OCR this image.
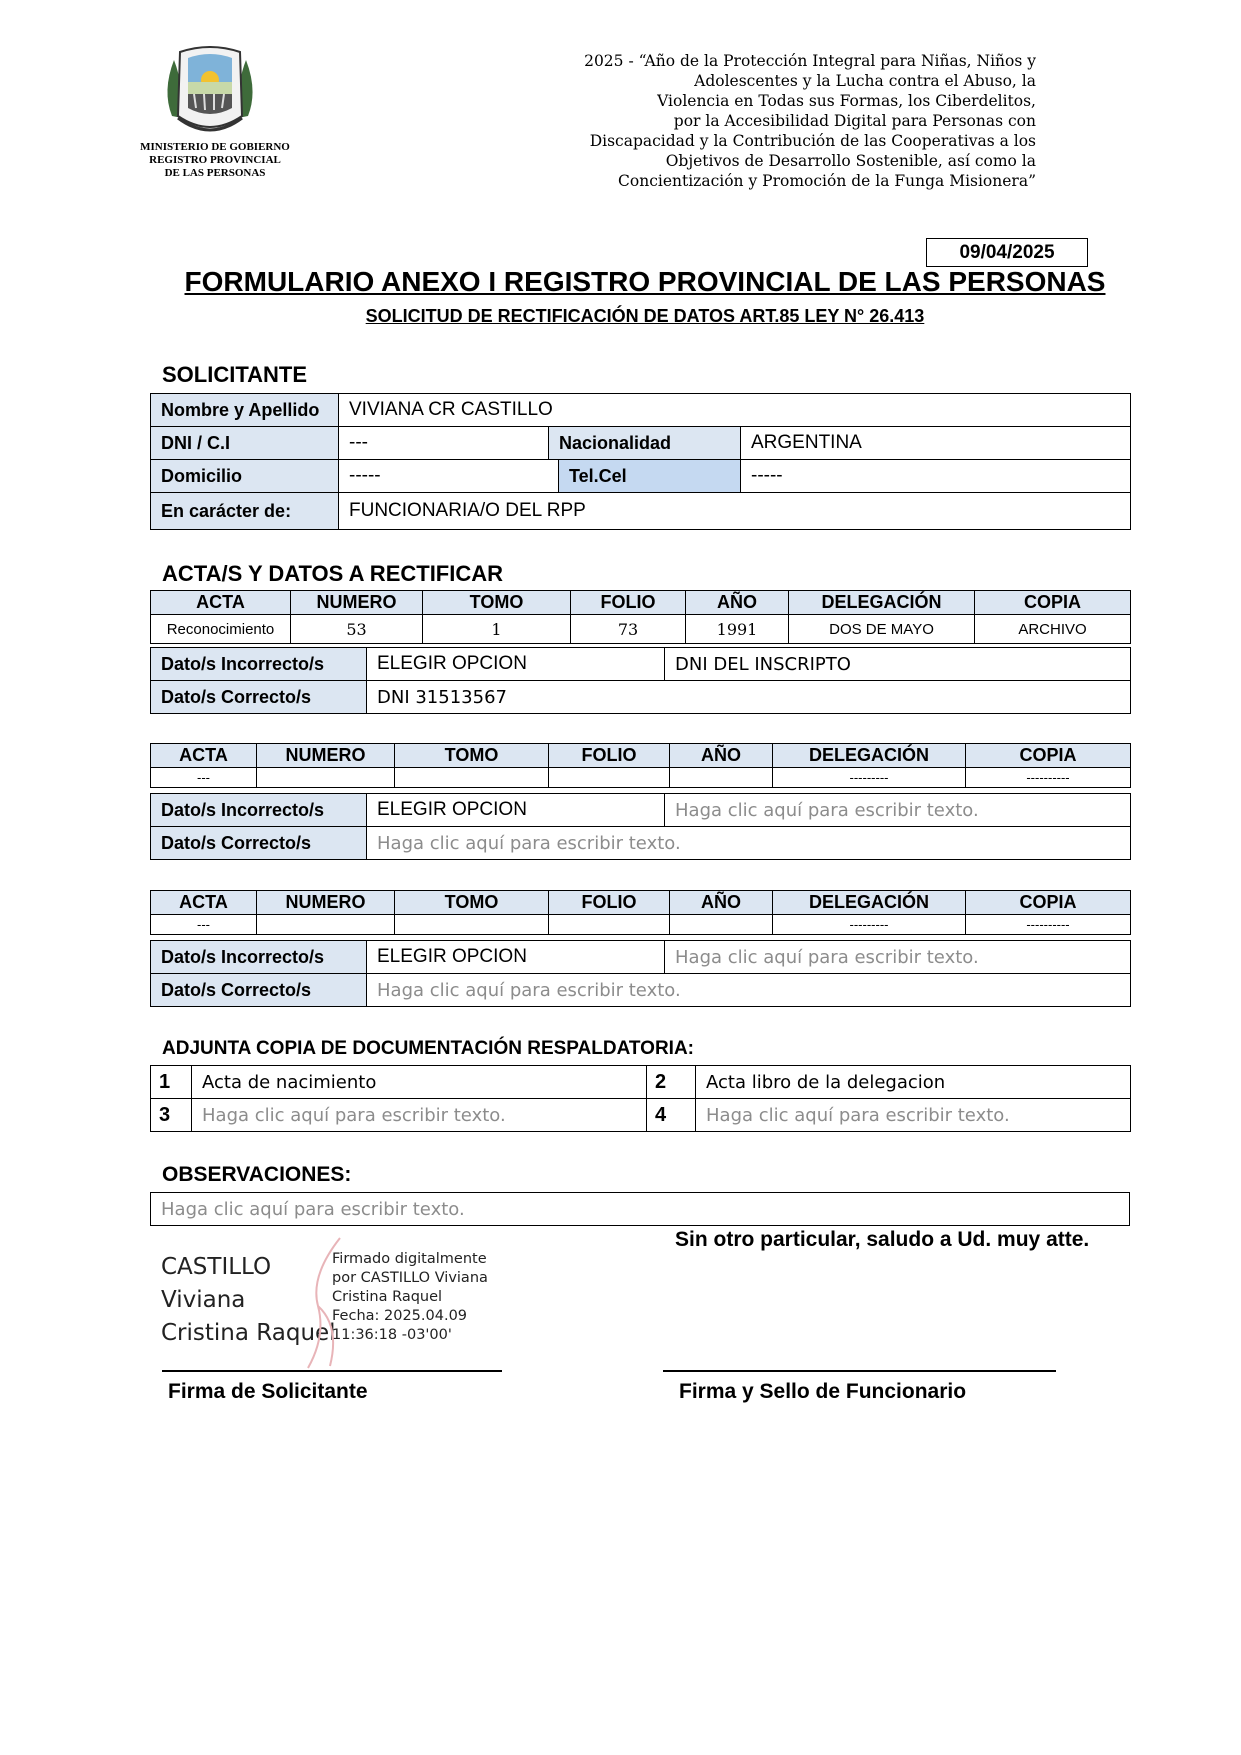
MINISTERIO DE GOBIERNO
REGISTRO PROVINCIAL
DE LAS PERSONAS
2025 - “Año de la Protección Integral para Niñas, Niños y
Adolescentes y la Lucha contra el Abuso, la
Violencia en Todas sus Formas, los Ciberdelitos,
por la Accesibilidad Digital para Personas con
Discapacidad y la Contribución de las Cooperativas a los
Objetivos de Desarrollo Sostenible, así como la
Concientización y Promoción de la Funga Misionera”
09/04/2025
FORMULARIO ANEXO I REGISTRO PROVINCIAL DE LAS PERSONAS
SOLICITUD DE RECTIFICACIÓN DE DATOS ART.85 LEY N° 26.413
SOLICITANTE
Nombre y Apellido	VIVIANA CR CASTILLO			
DNI / C.I	---	Nacionalidad		ARGENTINA
Domicilio	-----		Tel.Cel	-----
En carácter de:	FUNCIONARIA/O DEL RPP			
ACTA/S Y DATOS A RECTIFICAR
ACTA	NUMERO	TOMO	FOLIO	AÑO	DELEGACIÓN	COPIA
Reconocimiento	53	1	73	1991	DOS DE MAYO	ARCHIVO
Dato/s Incorrecto/s	ELEGIR OPCION	DNI DEL INSCRIPTO
Dato/s Correcto/s	DNI 31513567	
ACTA	NUMERO	TOMO	FOLIO	AÑO	DELEGACIÓN	COPIA
---					---------	----------
Dato/s Incorrecto/s	ELEGIR OPCION	Haga clic aquí para escribir texto.
Dato/s Correcto/s	Haga clic aquí para escribir texto.	
ACTA	NUMERO	TOMO	FOLIO	AÑO	DELEGACIÓN	COPIA
---					---------	----------
Dato/s Incorrecto/s	ELEGIR OPCION	Haga clic aquí para escribir texto.
Dato/s Correcto/s	Haga clic aquí para escribir texto.	
ADJUNTA COPIA DE DOCUMENTACIÓN RESPALDATORIA:
1	Acta de nacimiento	2	Acta libro de la delegacion
3	Haga clic aquí para escribir texto.	4	Haga clic aquí para escribir texto.
OBSERVACIONES:
Haga clic aquí para escribir texto.
Sin otro particular, saludo a Ud. muy atte.
CASTILLO
Viviana
Cristina Raquel
Firmado digitalmente
por CASTILLO Viviana
Cristina Raquel
Fecha: 2025.04.09
11:36:18 -03'00'
Firma de Solicitante	Firma y Sello de Funcionario
